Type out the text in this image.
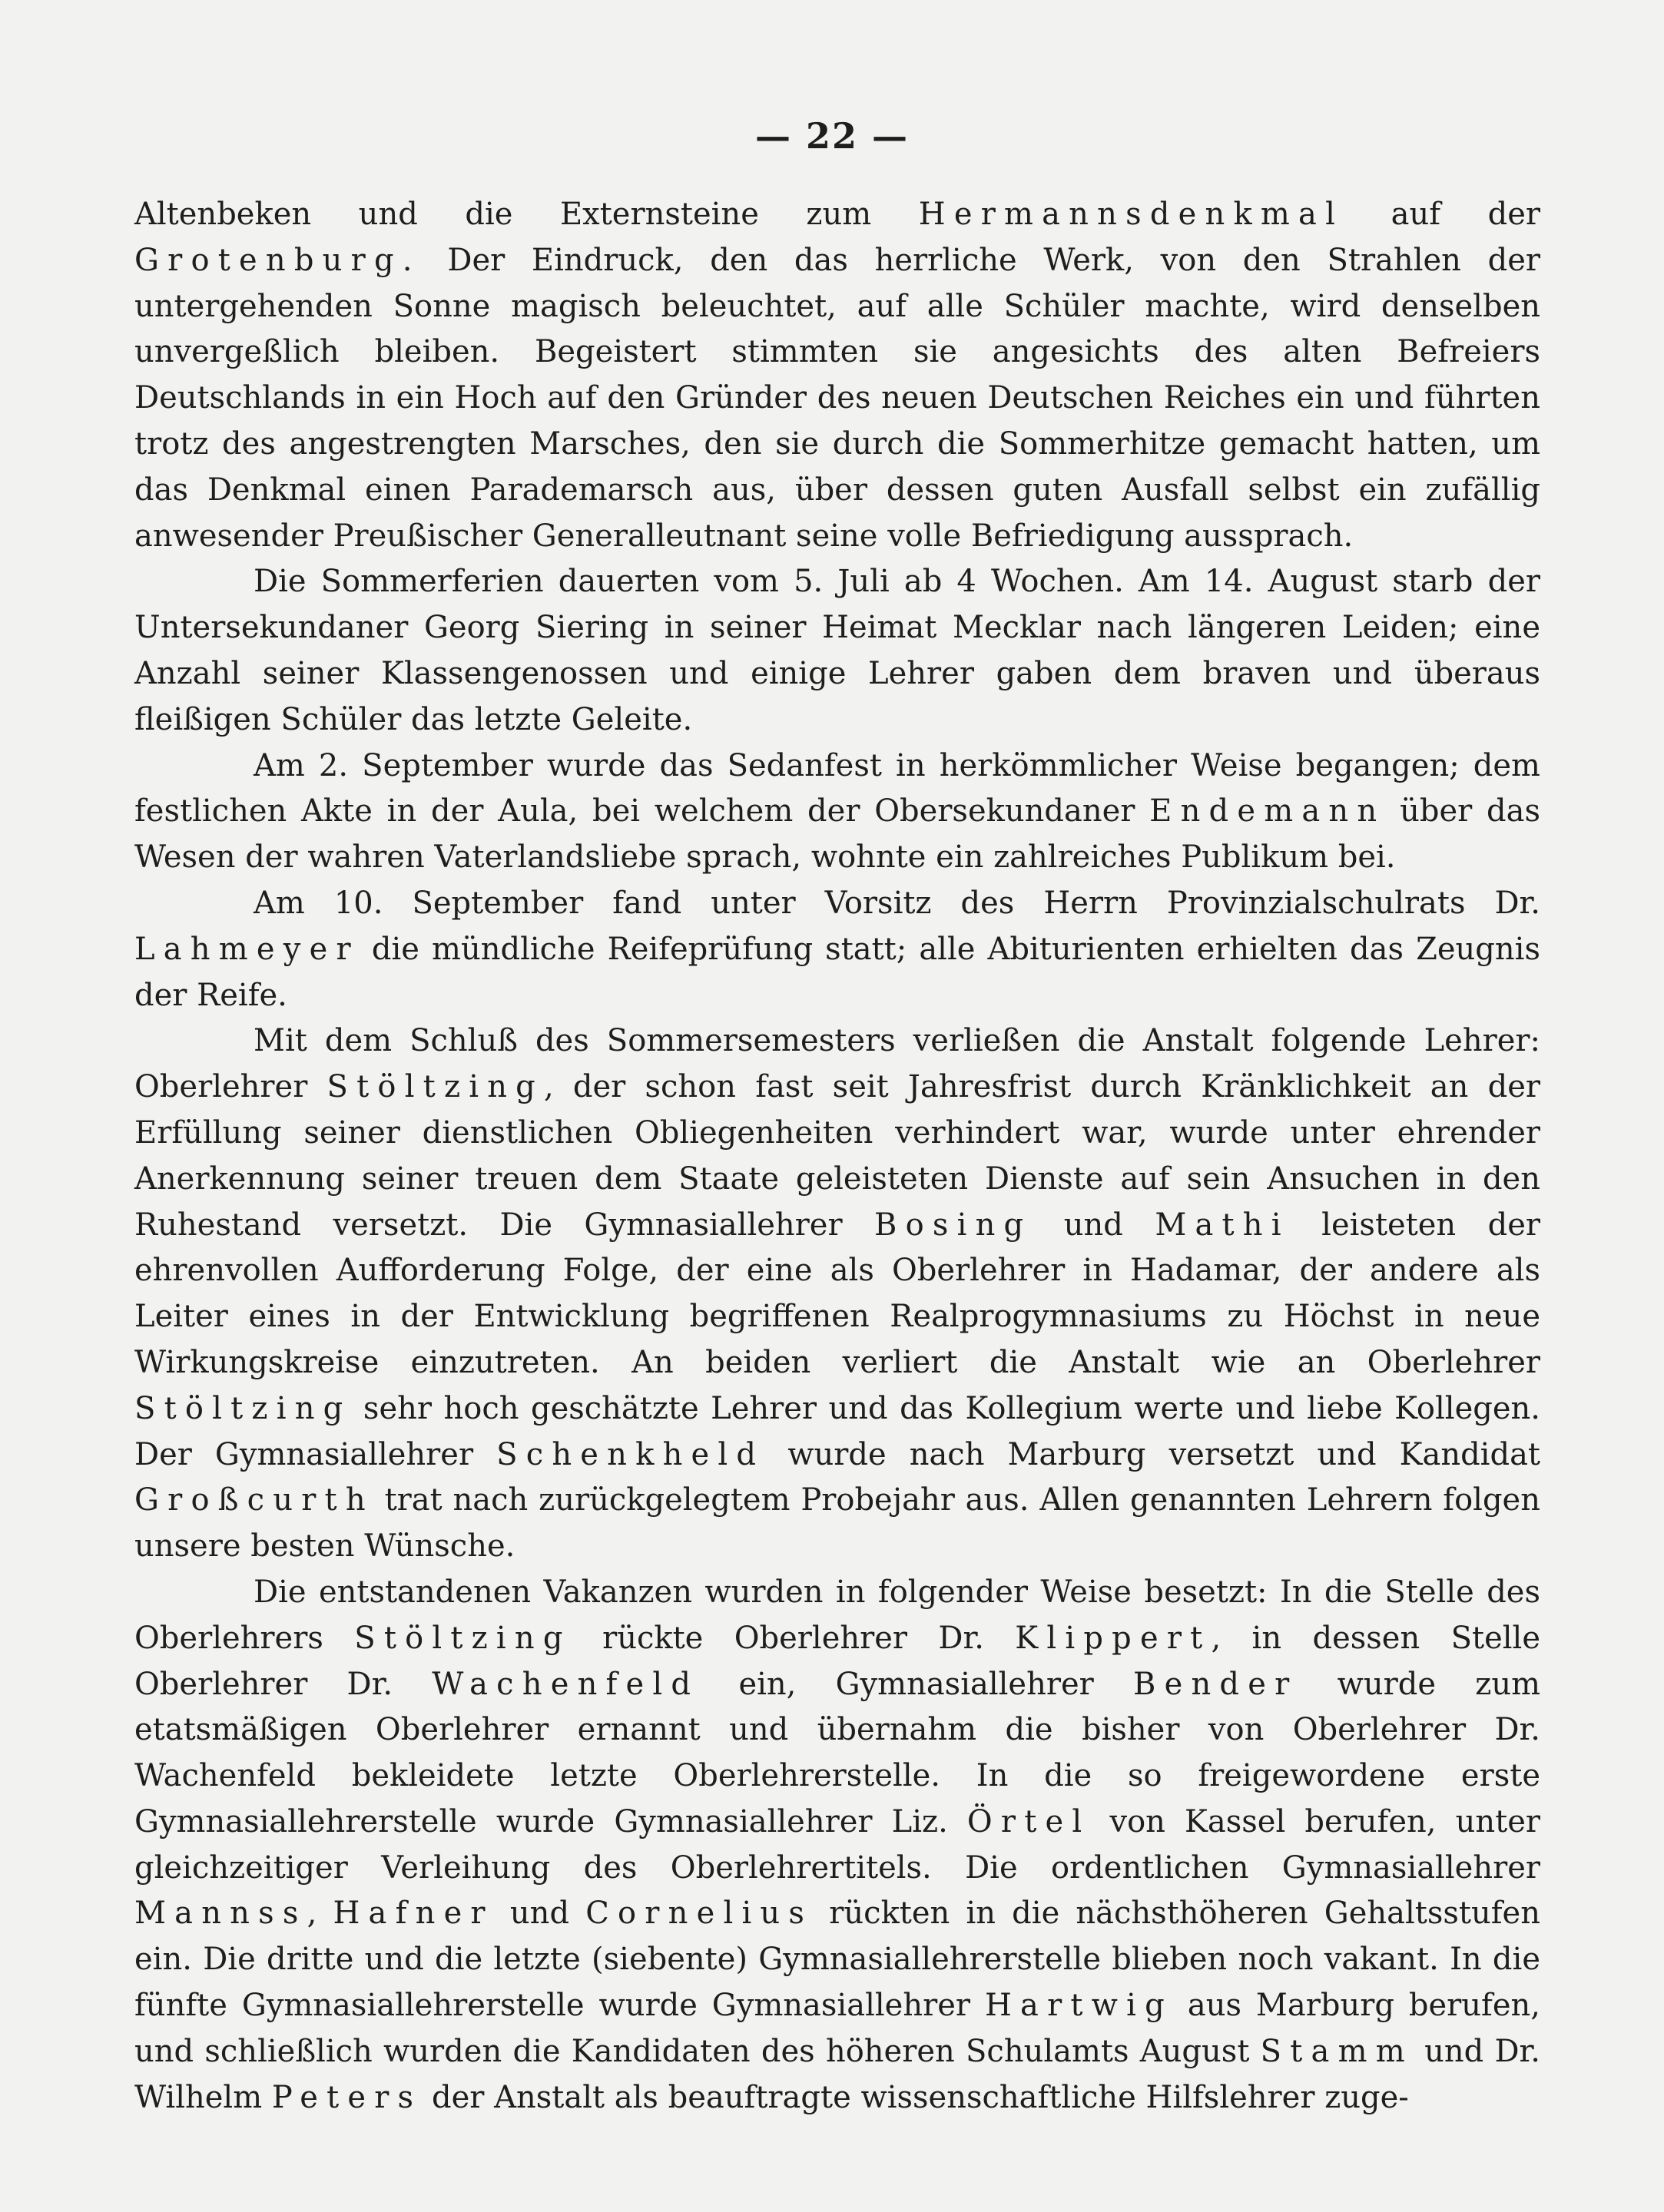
— 22 —

Altenbeken und die Externsteine zum Hermannsdenkmal auf der Grotenburg. Der Eindruck, den das herrliche Werk, von den Strahlen der untergehenden Sonne magisch beleuchtet, auf alle Schüler machte, wird denselben unvergeßlich bleiben. Begeistert stimmten sie angesichts des alten Befreiers Deutschlands in ein Hoch auf den Gründer des neuen Deutschen Reiches ein und führten trotz des angestrengten Marsches, den sie durch die Sommerhitze gemacht hatten, um das Denkmal einen Parademarsch aus, über dessen guten Ausfall selbst ein zufällig anwesender Preußischer Generalleutnant seine volle Befriedigung aussprach.

Die Sommerferien dauerten vom 5. Juli ab 4 Wochen. Am 14. August starb der Untersekundaner Georg Siering in seiner Heimat Mecklar nach längeren Leiden; eine Anzahl seiner Klassengenossen und einige Lehrer gaben dem braven und überaus fleißigen Schüler das letzte Geleite.

Am 2. September wurde das Sedanfest in herkömmlicher Weise begangen; dem festlichen Akte in der Aula, bei welchem der Obersekundaner Endemann über das Wesen der wahren Vaterlandsliebe sprach, wohnte ein zahlreiches Publikum bei.

Am 10. September fand unter Vorsitz des Herrn Provinzialschulrats Dr. Lahmeyer die mündliche Reifeprüfung statt; alle Abiturienten erhielten das Zeugnis der Reife.

Mit dem Schluß des Sommersemesters verließen die Anstalt folgende Lehrer: Oberlehrer Stöltzing, der schon fast seit Jahresfrist durch Kränklichkeit an der Erfüllung seiner dienstlichen Obliegenheiten verhindert war, wurde unter ehrender Anerkennung seiner treuen dem Staate geleisteten Dienste auf sein Ansuchen in den Ruhestand versetzt. Die Gymnasiallehrer Bosing und Mathi leisteten der ehrenvollen Aufforderung Folge, der eine als Oberlehrer in Hadamar, der andere als Leiter eines in der Entwicklung begriffenen Realprogymnasiums zu Höchst in neue Wirkungskreise einzutreten. An beiden verliert die Anstalt wie an Oberlehrer Stöltzing sehr hoch geschätzte Lehrer und das Kollegium werte und liebe Kollegen. Der Gymnasiallehrer Schenkheld wurde nach Marburg versetzt und Kandidat Großcurth trat nach zurückgelegtem Probejahr aus. Allen genannten Lehrern folgen unsere besten Wünsche.

Die entstandenen Vakanzen wurden in folgender Weise besetzt: In die Stelle des Oberlehrers Stöltzing rückte Oberlehrer Dr. Klippert, in dessen Stelle Oberlehrer Dr. Wachenfeld ein, Gymnasiallehrer Bender wurde zum etatsmäßigen Oberlehrer ernannt und übernahm die bisher von Oberlehrer Dr. Wachenfeld bekleidete letzte Oberlehrerstelle. In die so freigewordene erste Gymnasiallehrerstelle wurde Gymnasiallehrer Liz. Örtel von Kassel berufen, unter gleichzeitiger Verleihung des Oberlehrertitels. Die ordentlichen Gymnasiallehrer Mannss, Hafner und Cornelius rückten in die nächsthöheren Gehaltsstufen ein. Die dritte und die letzte (siebente) Gymnasiallehrerstelle blieben noch vakant. In die fünfte Gymnasiallehrerstelle wurde Gymnasiallehrer Hartwig aus Marburg berufen, und schließlich wurden die Kandidaten des höheren Schulamts August Stamm und Dr. Wilhelm Peters der Anstalt als beauftragte wissenschaftliche Hilfslehrer zuge-
